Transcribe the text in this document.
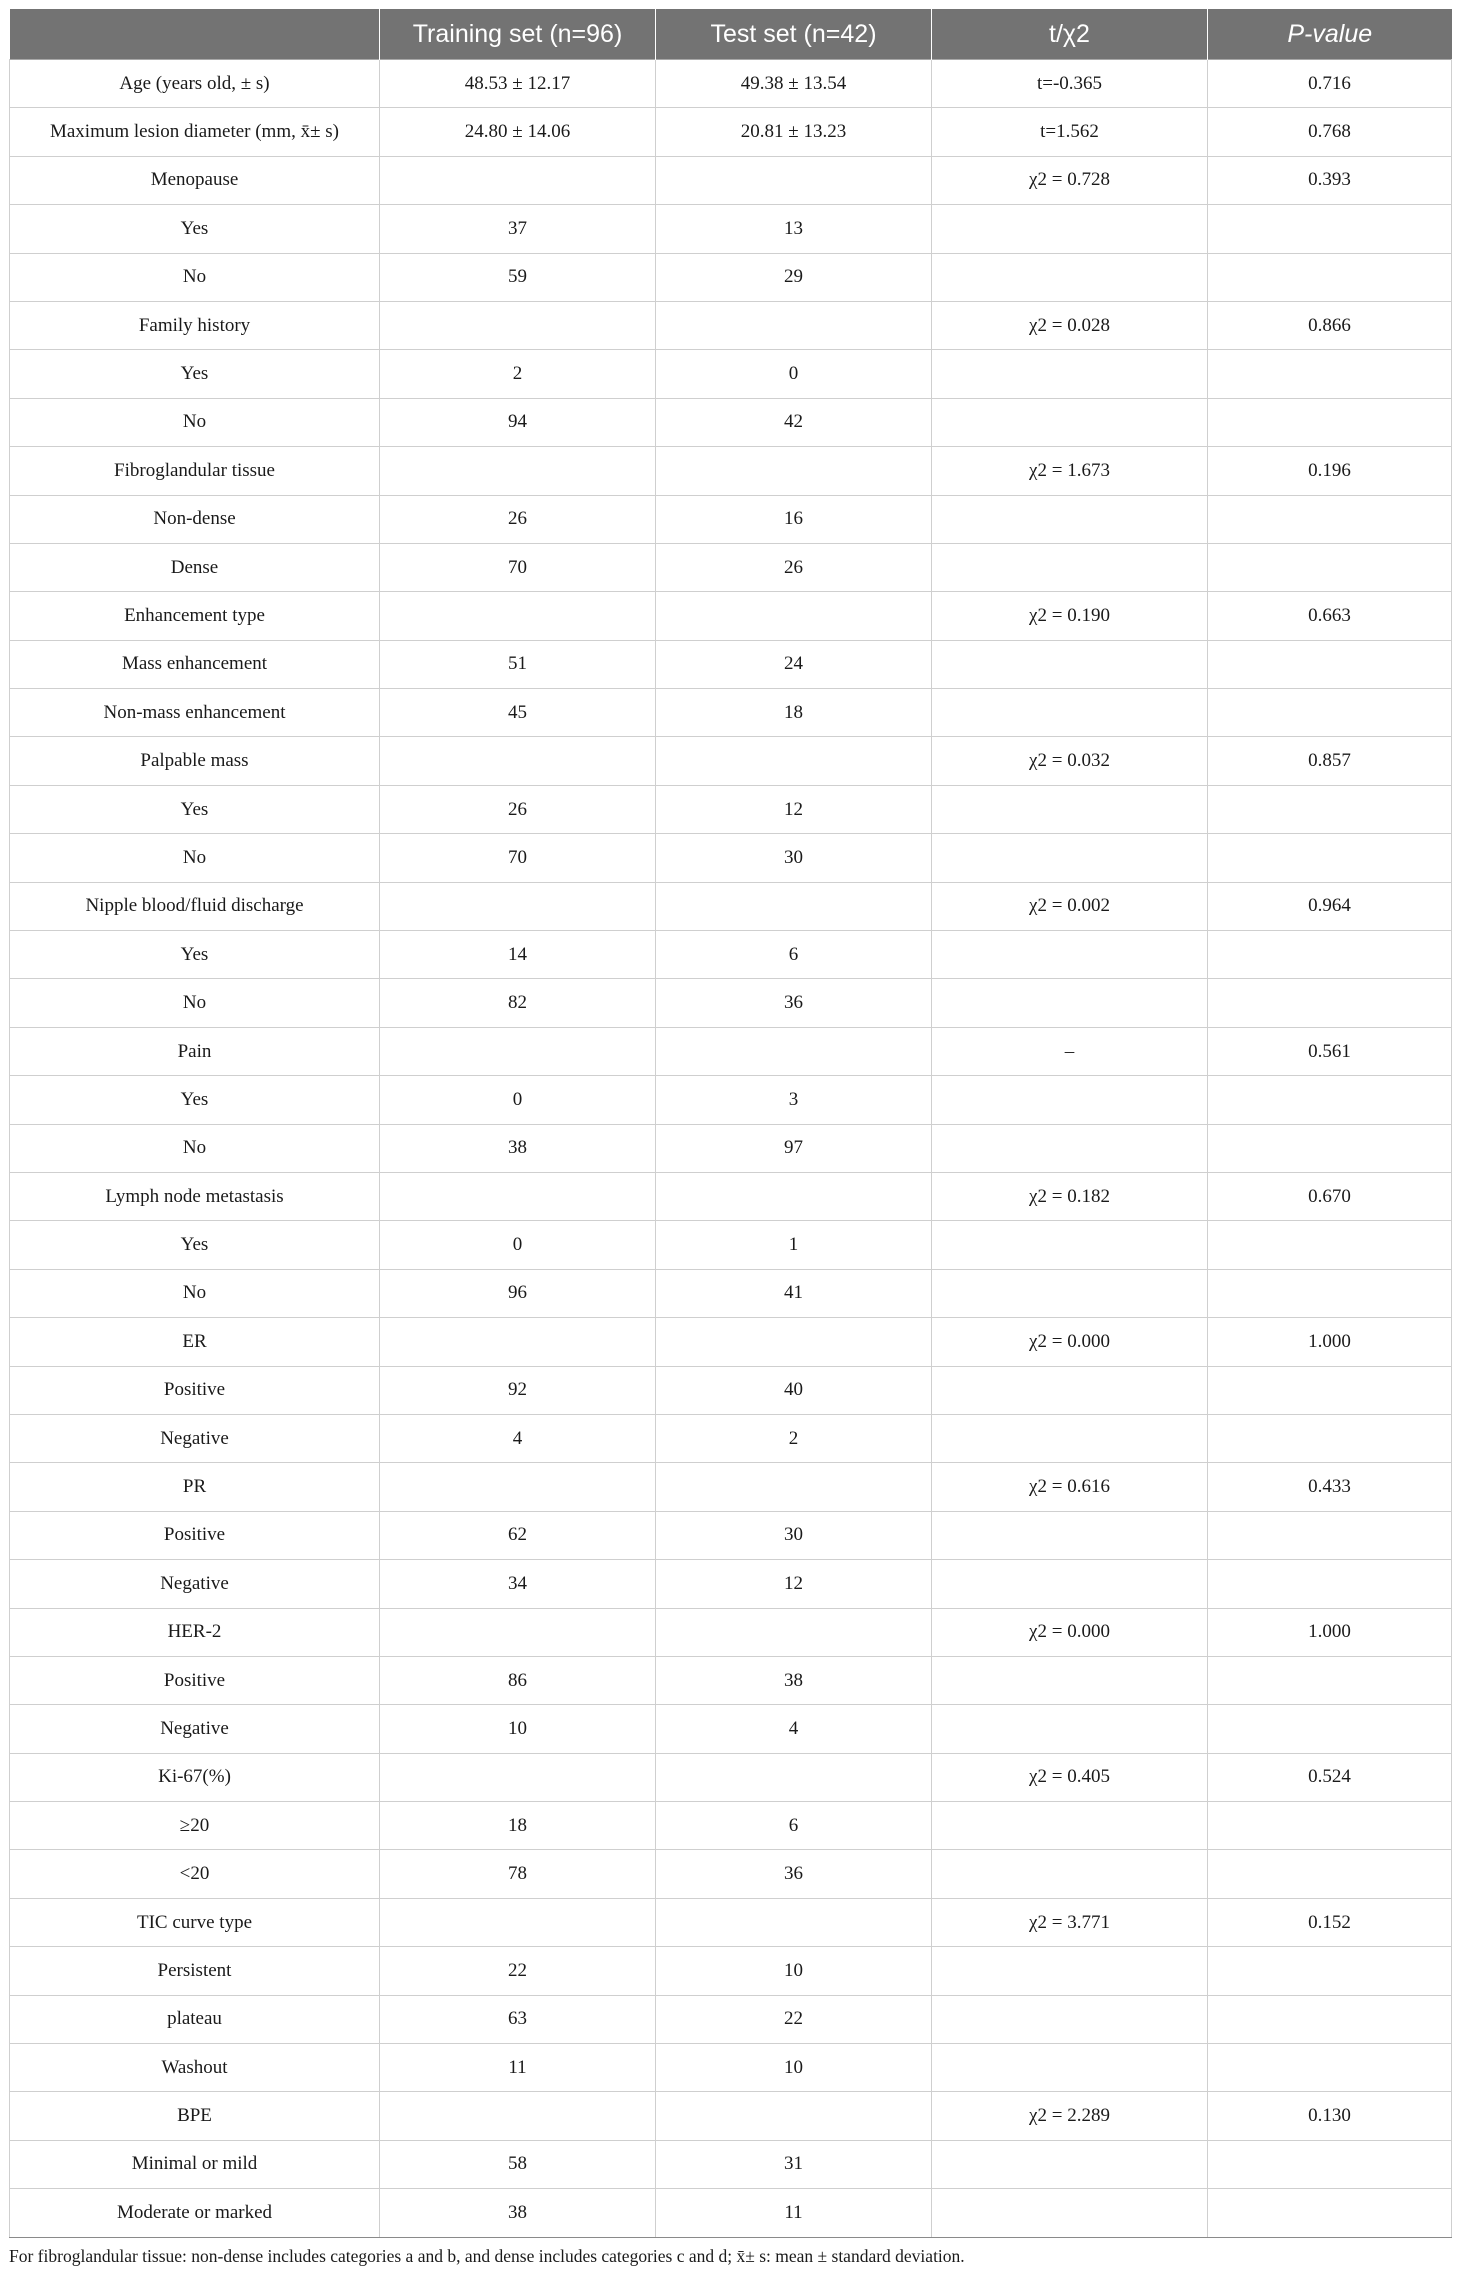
	Training set (n=96)	Test set (n=42)	t/χ2	P-value
Age (years old, ± s)	48.53 ± 12.17	49.38 ± 13.54	t=-0.365	0.716
Maximum lesion diameter (mm, x̄± s)	24.80 ± 14.06	20.81 ± 13.23	t=1.562	0.768
Menopause			χ2 = 0.728	0.393
Yes	37	13		
No	59	29		
Family history			χ2 = 0.028	0.866
Yes	2	0		
No	94	42		
Fibroglandular tissue			χ2 = 1.673	0.196
Non-dense	26	16		
Dense	70	26		
Enhancement type			χ2 = 0.190	0.663
Mass enhancement	51	24		
Non-mass enhancement	45	18		
Palpable mass			χ2 = 0.032	0.857
Yes	26	12		
No	70	30		
Nipple blood/fluid discharge			χ2 = 0.002	0.964
Yes	14	6		
No	82	36		
Pain			–	0.561
Yes	0	3		
No	38	97		
Lymph node metastasis			χ2 = 0.182	0.670
Yes	0	1		
No	96	41		
ER			χ2 = 0.000	1.000
Positive	92	40		
Negative	4	2		
PR			χ2 = 0.616	0.433
Positive	62	30		
Negative	34	12		
HER-2			χ2 = 0.000	1.000
Positive	86	38		
Negative	10	4		
Ki-67(%)			χ2 = 0.405	0.524
≥20	18	6		
<20	78	36		
TIC curve type			χ2 = 3.771	0.152
Persistent	22	10		
plateau	63	22		
Washout	11	10		
BPE			χ2 = 2.289	0.130
Minimal or mild	58	31		
Moderate or marked	38	11		
For fibroglandular tissue: non-dense includes categories a and b, and dense includes categories c and d; x̄± s: mean ± standard deviation.
